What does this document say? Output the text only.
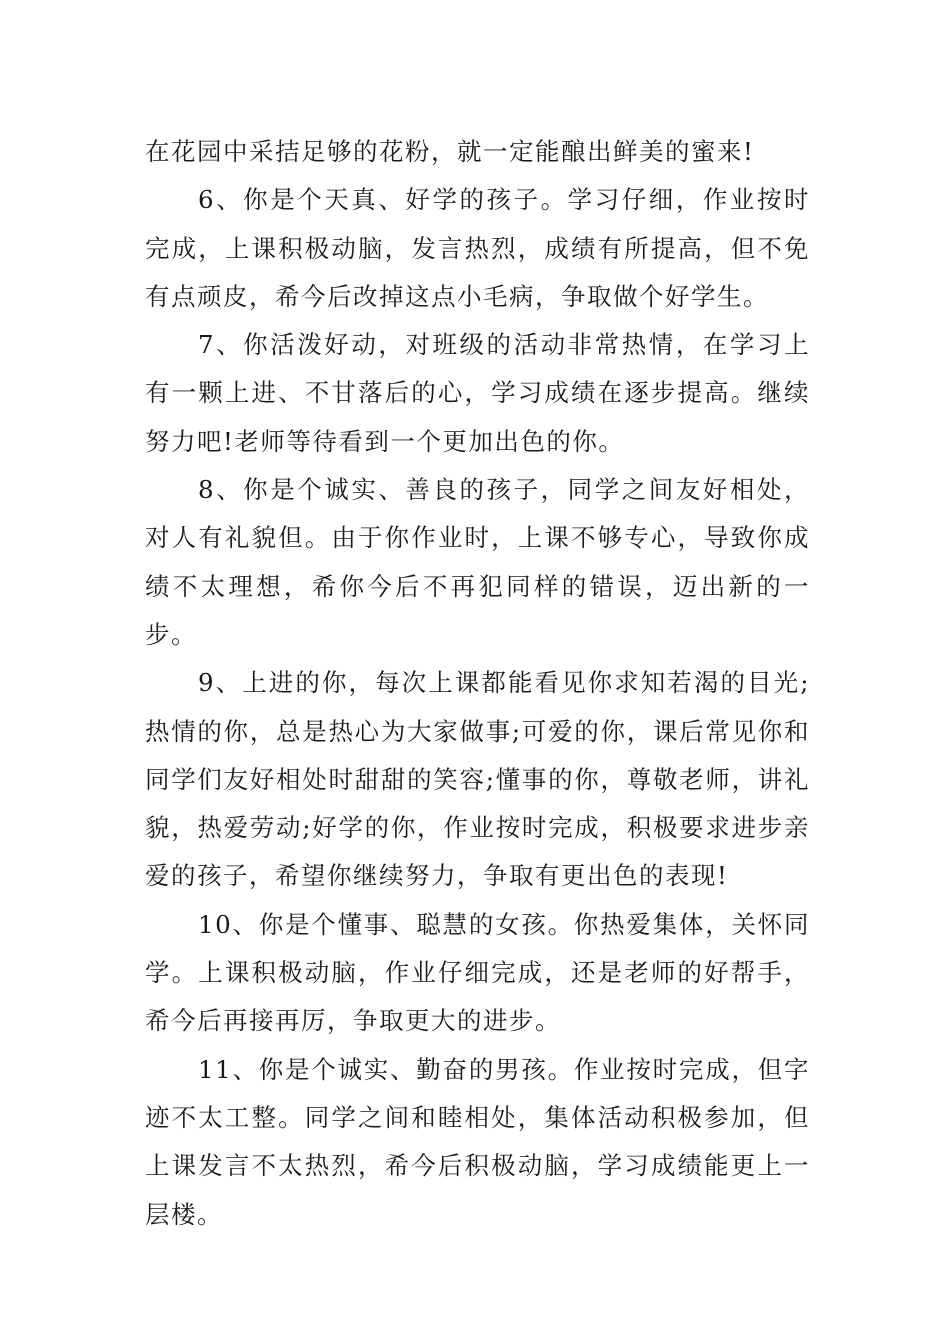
在花园中采拮足够的花粉，就一定能酿出鲜美的蜜来!

6、你是个天真、好学的孩子。学习仔细，作业按时完成，上课积极动脑，发言热烈，成绩有所提高，但不免有点顽皮，希今后改掉这点小毛病，争取做个好学生。

7、你活泼好动，对班级的活动非常热情，在学习上有一颗上进、不甘落后的心，学习成绩在逐步提高。继续努力吧!老师等待看到一个更加出色的你。

8、你是个诚实、善良的孩子，同学之间友好相处，对人有礼貌但。由于你作业时，上课不够专心，导致你成绩不太理想，希你今后不再犯同样的错误，迈出新的一步。

9、上进的你，每次上课都能看见你求知若渴的目光;热情的你，总是热心为大家做事;可爱的你，课后常见你和同学们友好相处时甜甜的笑容;懂事的你，尊敬老师，讲礼貌，热爱劳动;好学的你，作业按时完成，积极要求进步亲爱的孩子，希望你继续努力，争取有更出色的表现!

10、你是个懂事、聪慧的女孩。你热爱集体，关怀同学。上课积极动脑，作业仔细完成，还是老师的好帮手，希今后再接再厉，争取更大的进步。

11、你是个诚实、勤奋的男孩。作业按时完成，但字迹不太工整。同学之间和睦相处，集体活动积极参加，但上课发言不太热烈，希今后积极动脑，学习成绩能更上一层楼。
